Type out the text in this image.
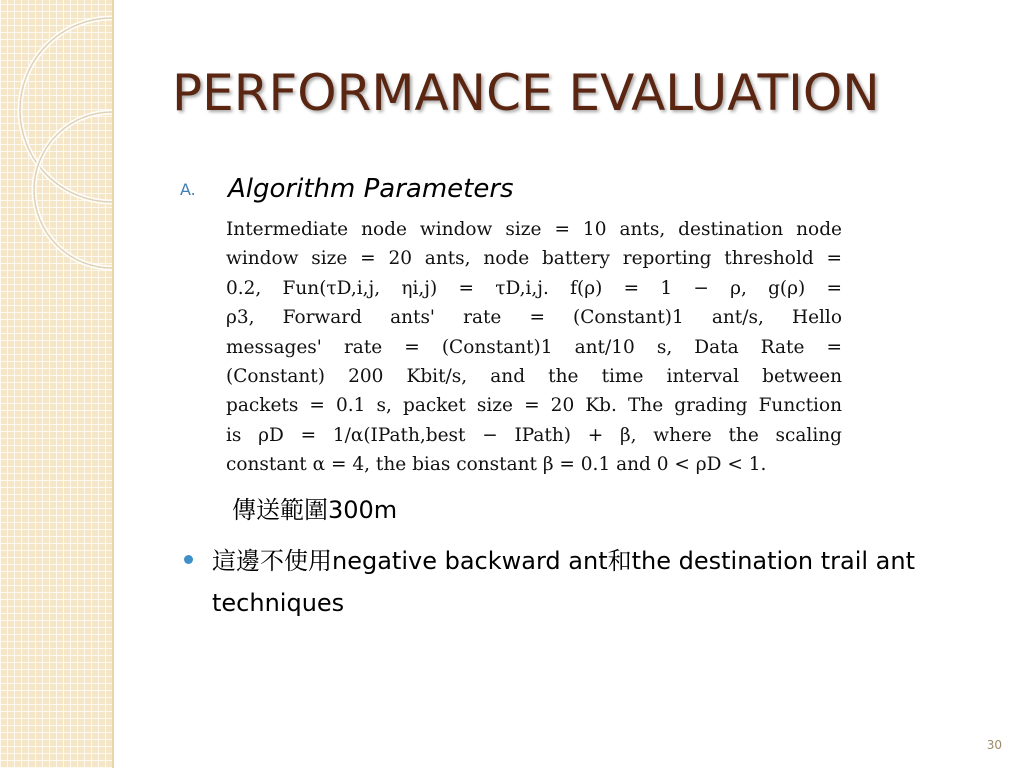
PERFORMANCE EVALUATION
A. Algorithm Parameters

Intermediate node window size = 10 ants, destination node
window size = 20 ants, node battery reporting threshold =
0.2, Fun(τD,i,j, ηi,j) = τD,i,j. f(ρ) = 1 − ρ, g(ρ) =
ρ3, Forward ants' rate = (Constant)1 ant/s, Hello
messages' rate = (Constant)1 ant/10 s, Data Rate =
(Constant) 200 Kbit/s, and the time interval between
packets = 0.1 s, packet size = 20 Kb. The grading Function
is ρD = 1/α(IPath,best − IPath) + β, where the scaling
constant α = 4, the bias constant β = 0.1 and 0 < ρD < 1.

傳送範圍300m
這邊不使用negative backward ant和the destination trail ant techniques
30
